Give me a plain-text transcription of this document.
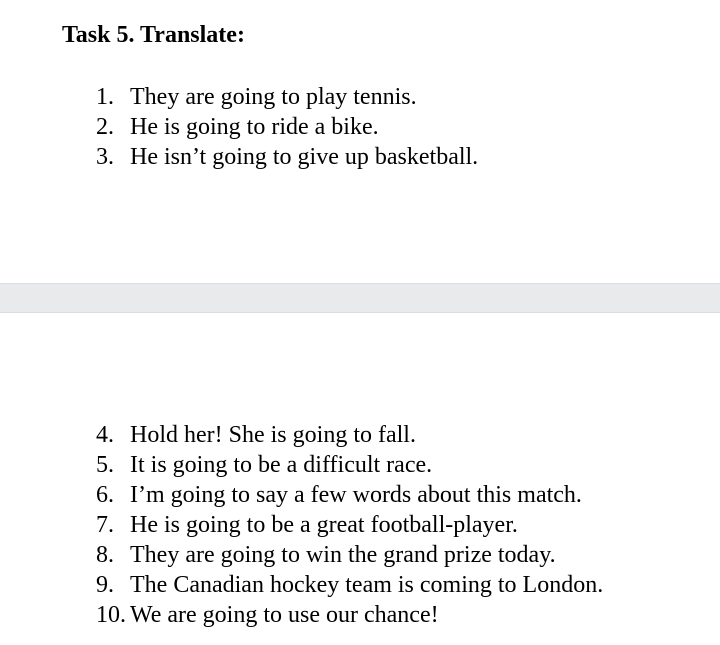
Task 5. Translate:
1. They are going to play tennis.
2. He is going to ride a bike.
3. He isn’t going to give up basketball.
4. Hold her! She is going to fall.
5. It is going to be a difficult race.
6. I’m going to say a few words about this match.
7. He is going to be a great football-player.
8. They are going to win the grand prize today.
9. The Canadian hockey team is coming to London.
10. We are going to use our chance!
